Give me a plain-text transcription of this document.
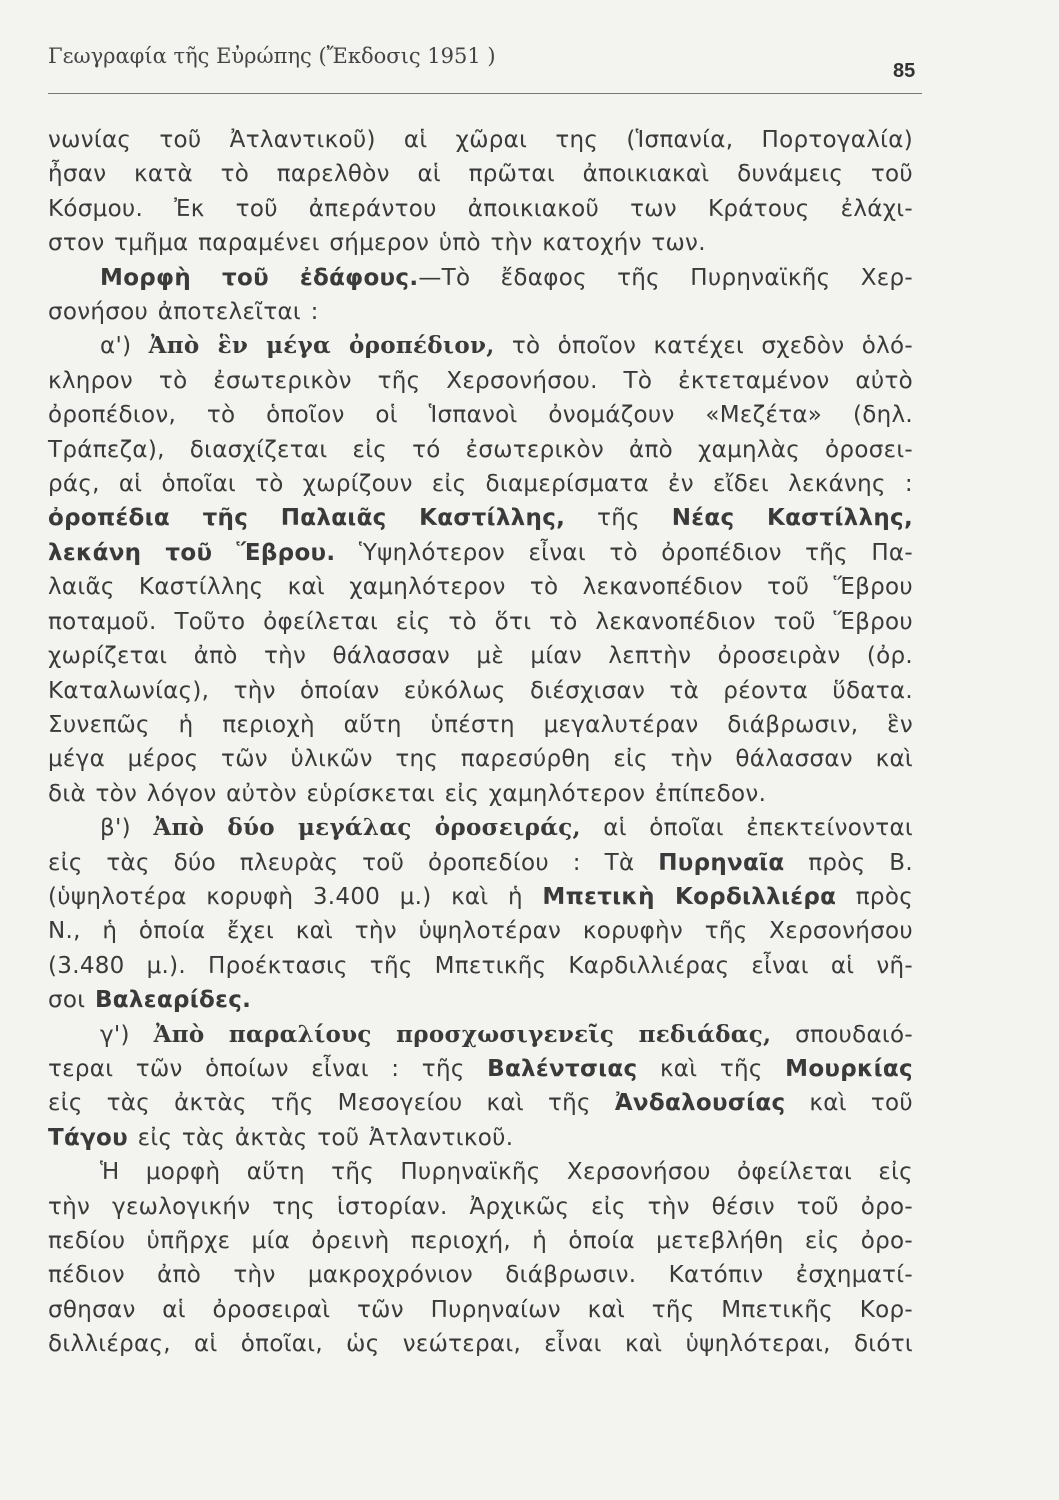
Γεωγραφία τῆς Εὐρώπης (Ἔκδοσις 1951 )
85
νωνίας τοῦ Ἀτλαντικοῦ) αἱ χῶραι της (Ἱσπανία, Πορτογαλία)
ἦσαν κατὰ τὸ παρελθὸν αἱ πρῶται ἀποικιακαὶ δυνάμεις τοῦ
Κόσμου. Ἐκ τοῦ ἀπεράντου ἀποικιακοῦ των Κράτους ἐλάχι-
στον τμῆμα παραμένει σήμερον ὑπὸ τὴν κατοχήν των.
Μορφὴ τοῦ ἐδάφους.—Τὸ ἔδαφος τῆς Πυρηναϊκῆς Χερ-
σονήσου ἀποτελεῖται :
α') Ἀπὸ ἓν μέγα ὀροπέδιον, τὸ ὁποῖον κατέχει σχεδὸν ὁλό-
κληρον τὸ ἐσωτερικὸν τῆς Χερσονήσου. Τὸ ἐκτεταμένον αὐτὸ
ὀροπέδιον, τὸ ὁποῖον οἱ Ἱσπανοὶ ὀνομάζουν «Μεζέτα» (δηλ.
Τράπεζα), διασχίζεται εἰς τό ἐσωτερικὸν ἀπὸ χαμηλὰς ὀροσει-
ράς, αἱ ὁποῖαι τὸ χωρίζουν εἰς διαμερίσματα ἐν εἴδει λεκάνης :
ὀροπέδια τῆς Παλαιᾶς Καστίλλης, τῆς Νέας Καστίλλης,
λεκάνη τοῦ Ἕβρου. Ὑψηλότερον εἶναι τὸ ὀροπέδιον τῆς Πα-
λαιᾶς Καστίλλης καὶ χαμηλότερον τὸ λεκανοπέδιον τοῦ Ἕβρου
ποταμοῦ. Τοῦτο ὀφείλεται εἰς τὸ ὅτι τὸ λεκανοπέδιον τοῦ Ἕβρου
χωρίζεται ἀπὸ τὴν θάλασσαν μὲ μίαν λεπτὴν ὀροσειρὰν (ὀρ.
Καταλωνίας), τὴν ὁποίαν εὐκόλως διέσχισαν τὰ ρέοντα ὕδατα.
Συνεπῶς ἡ περιοχὴ αὕτη ὑπέστη μεγαλυτέραν διάβρωσιν, ἓν
μέγα μέρος τῶν ὑλικῶν της παρεσύρθη εἰς τὴν θάλασσαν καὶ
διὰ τὸν λόγον αὐτὸν εὑρίσκεται εἰς χαμηλότερον ἐπίπεδον.
β') Ἀπὸ δύο μεγάλας ὀροσειράς, αἱ ὁποῖαι ἐπεκτείνονται
εἰς τὰς δύο πλευρὰς τοῦ ὀροπεδίου : Τὰ Πυρηναῖα πρὸς Β.
(ὑψηλοτέρα κορυφὴ 3.400 μ.) καὶ ἡ Μπετικὴ Κορδιλλιέρα πρὸς
Ν., ἡ ὁποία ἔχει καὶ τὴν ὑψηλοτέραν κορυφὴν τῆς Χερσονήσου
(3.480 μ.). Προέκτασις τῆς Μπετικῆς Καρδιλλιέρας εἶναι αἱ νῆ-
σοι Βαλεαρίδες.
γ') Ἀπὸ παραλίους προσχωσιγενεῖς πεδιάδας, σπουδαιό-
τεραι τῶν ὁποίων εἶναι : τῆς Βαλέντσιας καὶ τῆς Μουρκίας
εἰς τὰς ἀκτὰς τῆς Μεσογείου καὶ τῆς Ἀνδαλουσίας καὶ τοῦ
Τάγου εἰς τὰς ἀκτὰς τοῦ Ἀτλαντικοῦ.
Ἡ μορφὴ αὕτη τῆς Πυρηναϊκῆς Χερσονήσου ὀφείλεται εἰς
τὴν γεωλογικήν της ἱστορίαν. Ἀρχικῶς εἰς τὴν θέσιν τοῦ ὀρο-
πεδίου ὑπῆρχε μία ὀρεινὴ περιοχή, ἡ ὁποία μετεβλήθη εἰς ὀρο-
πέδιον ἀπὸ τὴν μακροχρόνιον διάβρωσιν. Κατόπιν ἐσχηματί-
σθησαν αἱ ὀροσειραὶ τῶν Πυρηναίων καὶ τῆς Μπετικῆς Κορ-
διλλιέρας, αἱ ὁποῖαι, ὡς νεώτεραι, εἶναι καὶ ὑψηλότεραι, διότι
